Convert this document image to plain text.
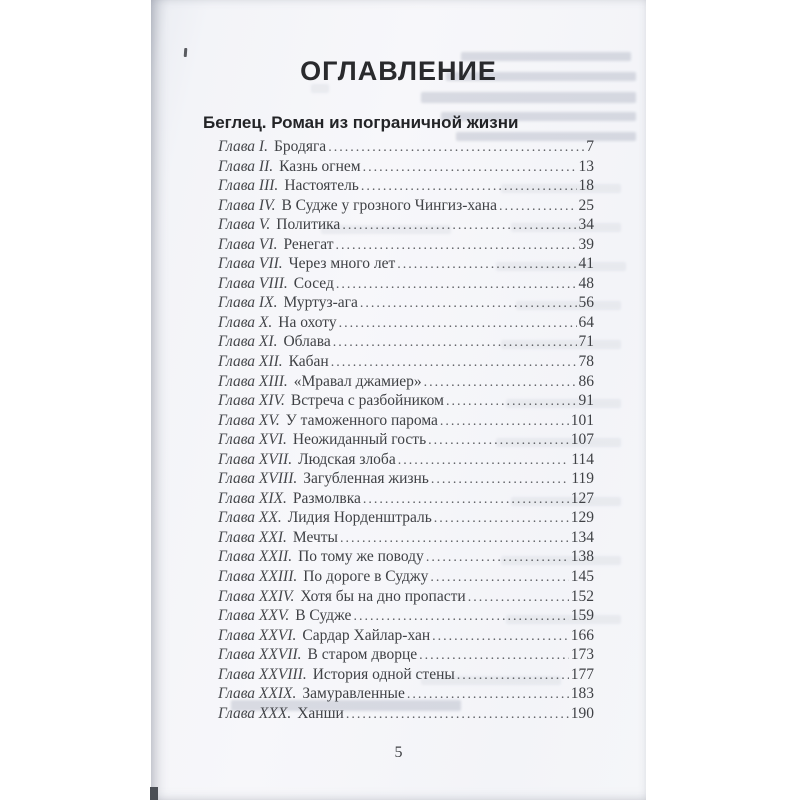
ОГЛАВЛЕНИЕ
Беглец. Роман из пограничной жизни
Глава I. Бродяга .....	7
Глава II. Казнь огнем .....	13
Глава III. Настоятель .....	18
Глава IV. В Судже у грозного Чингиз-хана .....	25
Глава V. Политика .....	34
Глава VI. Ренегат .....	39
Глава VII. Через много лет .....	41
Глава VIII. Сосед .....	48
Глава IX. Муртуз-ага .....	56
Глава X. На охоту .....	64
Глава XI. Облава .....	71
Глава XII. Кабан .....	78
Глава XIII. «Мравал джамиер» .....	86
Глава XIV. Встреча с разбойником .....	91
Глава XV. У таможенного парома .....	101
Глава XVI. Неожиданный гость .....	107
Глава XVII. Людская злоба .....	114
Глава XVIII. Загубленная жизнь .....	119
Глава XIX. Размолвка .....	127
Глава XX. Лидия Норденштраль .....	129
Глава XXI. Мечты .....	134
Глава XXII. По тому же поводу .....	138
Глава XXIII. По дороге в Суджу .....	145
Глава XXIV. Хотя бы на дно пропасти .....	152
Глава XXV. В Судже .....	159
Глава XXVI. Сардар Хайлар-хан .....	166
Глава XXVII. В старом дворце .....	173
Глава XXVIII. История одной стены .....	177
Глава XXIX. Замуравленные .....	183
Глава XXX. Ханши .....	190
5
